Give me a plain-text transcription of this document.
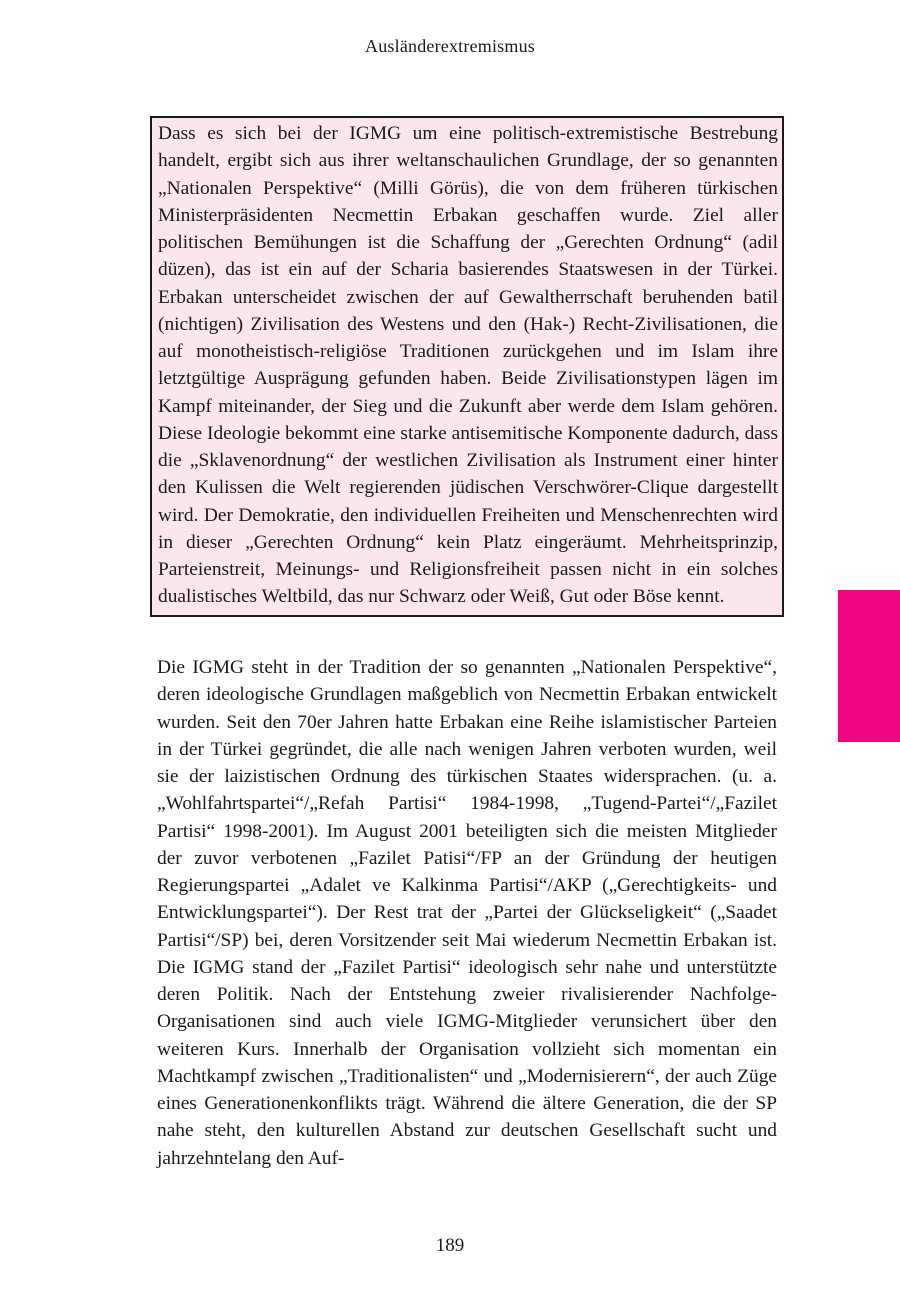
Ausländerextremismus

Dass es sich bei der IGMG um eine politisch-extremistische Bestrebung handelt, ergibt sich aus ihrer weltanschaulichen Grundlage, der so genannten „Nationalen Perspektive“ (Milli Görüs), die von dem früheren türkischen Ministerpräsidenten Necmettin Erbakan geschaffen wurde. Ziel aller politischen Bemühungen ist die Schaffung der „Gerechten Ordnung“ (adil düzen), das ist ein auf der Scharia basierendes Staatswesen in der Türkei. Erbakan unterscheidet zwischen der auf Gewaltherrschaft beruhenden batil (nichtigen) Zivilisation des Westens und den (Hak-) Recht-Zivilisationen, die auf monotheistisch-religiöse Traditionen zurückgehen und im Islam ihre letztgültige Ausprägung gefunden haben. Beide Zivilisationstypen lägen im Kampf miteinander, der Sieg und die Zukunft aber werde dem Islam gehören. Diese Ideologie bekommt eine starke antisemitische Komponente dadurch, dass die „Sklavenordnung“ der westlichen Zivilisation als Instrument einer hinter den Kulissen die Welt regierenden jüdischen Verschwörer-Clique dargestellt wird. Der Demokratie, den individuellen Freiheiten und Menschenrechten wird in dieser „Gerechten Ordnung“ kein Platz eingeräumt. Mehrheitsprinzip, Parteienstreit, Meinungs- und Religionsfreiheit passen nicht in ein solches dualistisches Weltbild, das nur Schwarz oder Weiß, Gut oder Böse kennt.

Die IGMG steht in der Tradition der so genannten „Nationalen Perspektive“, deren ideologische Grundlagen maßgeblich von Necmettin Erbakan entwickelt wurden. Seit den 70er Jahren hatte Erbakan eine Reihe islamistischer Parteien in der Türkei gegründet, die alle nach wenigen Jahren verboten wurden, weil sie der laizistischen Ordnung des türkischen Staates widersprachen. (u. a. „Wohlfahrtspartei“/„Refah Partisi“ 1984-1998, „Tugend-Partei“/„Fazilet Partisi“ 1998-2001). Im August 2001 beteiligten sich die meisten Mitglieder der zuvor verbotenen „Fazilet Patisi“/FP an der Gründung der heutigen Regierungspartei „Adalet ve Kalkinma Partisi“/AKP („Gerechtigkeits- und Entwicklungspartei“). Der Rest trat der „Partei der Glückseligkeit“ („Saadet Partisi“/SP) bei, deren Vorsitzender seit Mai wiederum Necmettin Erbakan ist. Die IGMG stand der „Fazilet Partisi“ ideologisch sehr nahe und unterstützte deren Politik. Nach der Entstehung zweier rivalisierender Nachfolge-Organisationen sind auch viele IGMG-Mitglieder verunsichert über den weiteren Kurs. Innerhalb der Organisation vollzieht sich momentan ein Machtkampf zwischen „Traditionalisten“ und „Modernisierern“, der auch Züge eines Generationenkonflikts trägt. Während die ältere Generation, die der SP nahe steht, den kulturellen Abstand zur deutschen Gesellschaft sucht und jahrzehntelang den Auf-

189
